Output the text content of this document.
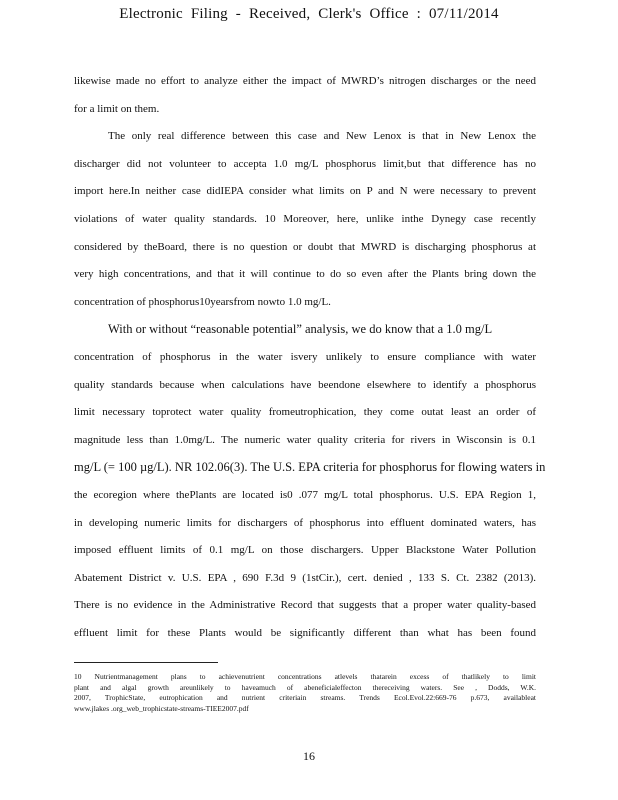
Electronic Filing - Received, Clerk's Office : 07/11/2014
likewise made no effort to analyze either the impact of MWRD’s nitrogen discharges or the need
for a limit on them.
The only real difference between this case and New Lenox is that in New Lenox the
discharger did not volunteer to accepta 1.0 mg/L phosphorus limit,but that difference has no
import here.In neither case didIEPA consider what limits on P and N were necessary to prevent
violations of water quality standards. 10 Moreover, here, unlike inthe Dynegy case recently
considered by theBoard, there is no question or doubt that MWRD is discharging phosphorus at
very high concentrations, and that it will continue to do so even after the Plants bring down the
concentration of phosphorus10yearsfrom nowto 1.0 mg/L.
With or without “reasonable potential” analysis, we do know that a 1.0 mg/L
concentration of phosphorus in the water isvery unlikely to ensure compliance with water
quality standards because when calculations have beendone elsewhere to identify a phosphorus
limit necessary toprotect water quality fromeutrophication, they come outat least an order of
magnitude less than 1.0mg/L. The numeric water quality criteria for rivers in Wisconsin is 0.1
mg/L (= 100 µg/L). NR 102.06(3). The U.S. EPA criteria for phosphorus for flowing waters in
the ecoregion where thePlants are located is0 .077 mg/L total phosphorus. U.S. EPA Region 1,
in developing numeric limits for dischargers of phosphorus into effluent dominated waters, has
imposed effluent limits of 0.1 mg/L on those dischargers. Upper Blackstone Water Pollution
Abatement District v. U.S. EPA , 690 F.3d 9 (1stCir.), cert. denied , 133 S. Ct. 2382 (2013).
There is no evidence in the Administrative Record that suggests that a proper water quality-based
effluent limit for these Plants would be significantly different than what has been found
10 Nutrientmanagement plans to achievenutrient concentrations atlevels thatarein excess of thatlikely to limit
plant and algal growth areunlikely to haveamuch of abeneficialeffecton thereceiving waters. See , Dodds, W.K.
2007, TrophicState, eutrophication and nutrient criteriain streams. Trends Ecol.Evol.22:669-76 p.673, availableat
www.jlakes .org_web_trophicstate-streams-TIEE2007.pdf
16
